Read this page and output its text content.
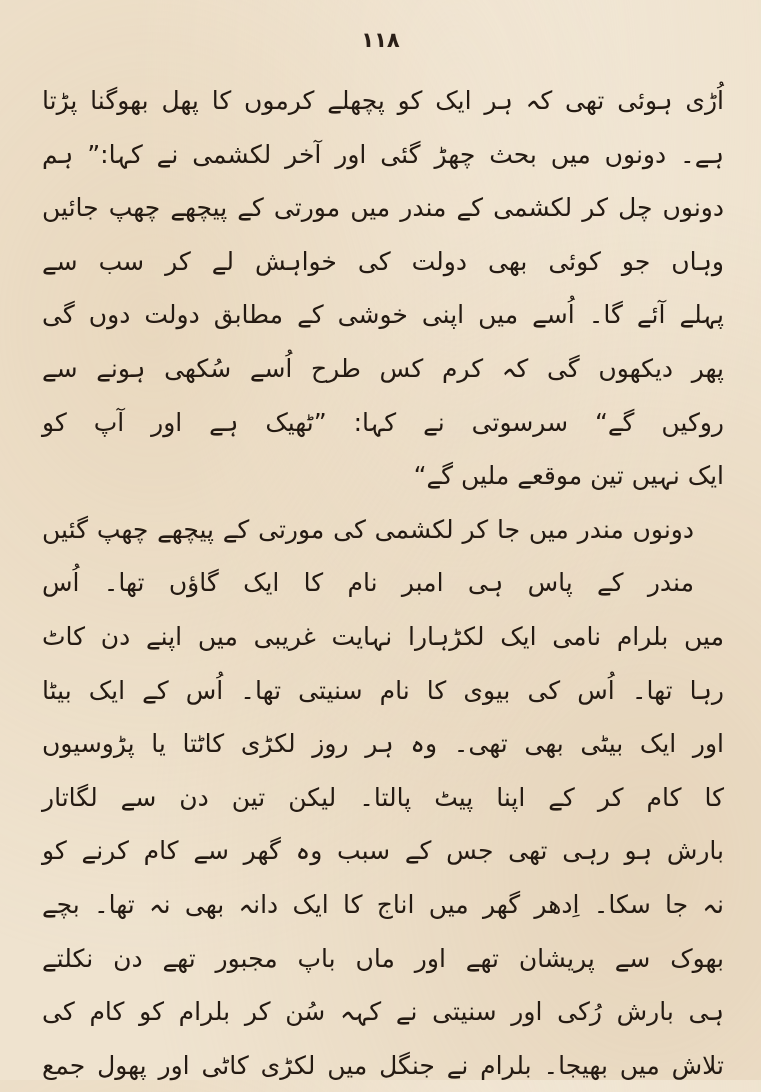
۱۱۸
اُڑی ہوئی تھی کہ ہر ایک کو پچھلے کرموں کا پھل بھوگنا پڑتا
ہے۔ دونوں میں بحث چھڑ گئی اور آخر لکشمی نے کہا:” ہم
دونوں چل کر لکشمی کے مندر میں مورتی کے پیچھے چھپ جائیں
وہاں جو کوئی بھی دولت کی خواہش لے کر سب سے
پہلے آئے گا۔ اُسے میں اپنی خوشی کے مطابق دولت دوں گی
پھر دیکھوں گی کہ کرم کس طرح اُسے سُکھی ہونے سے
روکیں گے“ سرسوتی نے کہا: ”ٹھیک ہے اور آپ کو
ایک نہیں تین موقعے ملیں گے“
دونوں مندر میں جا کر لکشمی کی مورتی کے پیچھے چھپ گئیں
مندر کے پاس ہی امبر نام کا ایک گاؤں تھا۔ اُس
میں بلرام نامی ایک لکڑہارا نہایت غریبی میں اپنے دن کاٹ
رہا تھا۔ اُس کی بیوی کا نام سنیتی تھا۔ اُس کے ایک بیٹا
اور ایک بیٹی بھی تھی۔ وہ ہر روز لکڑی کاٹتا یا پڑوسیوں
کا کام کر کے اپنا پیٹ پالتا۔ لیکن تین دن سے لگاتار
بارش ہو رہی تھی جس کے سبب وہ گھر سے کام کرنے کو
نہ جا سکا۔ اِدھر گھر میں اناج کا ایک دانہ بھی نہ تھا۔ بچے
بھوک سے پریشان تھے اور ماں باپ مجبور تھے دن نکلتے
ہی بارش رُکی اور سنیتی نے کہہ سُن کر بلرام کو کام کی
تلاش میں بھیجا۔ بلرام نے جنگل میں لکڑی کاٹی اور پھول جمع
